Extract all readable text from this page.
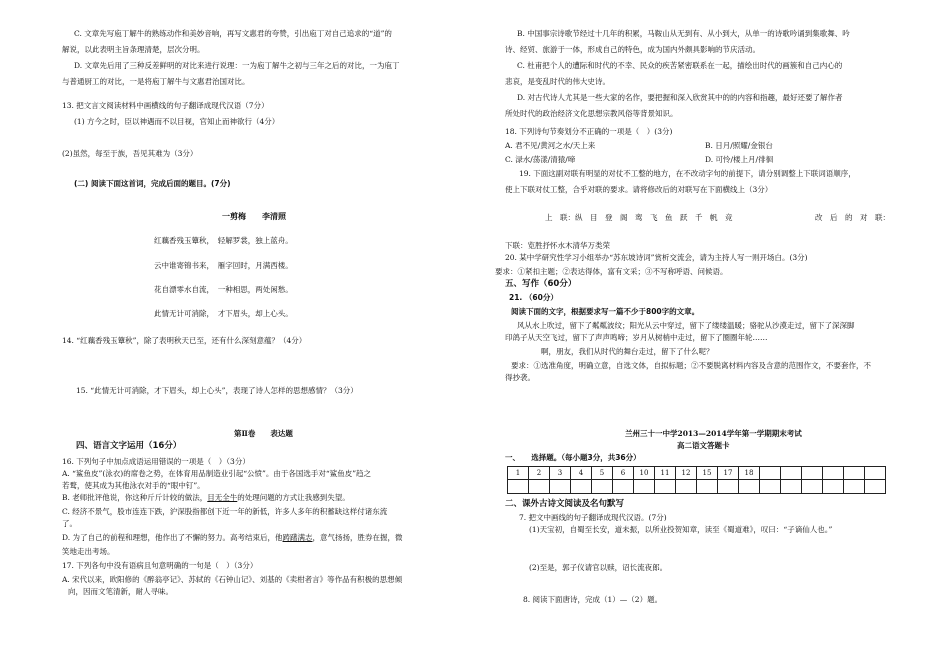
C. 文章先写庖丁解牛的熟练动作和美妙音响，再写文惠君的夸赞，引出庖丁对自己追求的“道”的
解说，以此表明主旨条理清楚，层次分明。
D. 文章先后用了三种反差鲜明的对比来进行说理：一为庖丁解牛之初与三年之后的对比，一为庖丁
与普通厨工的对比，一是将庖丁解牛与文惠君治国对比。
13. 把文言文阅读材料中画横线的句子翻译成现代汉语（7分）
(1) 方今之时，臣以神遇而不以目视，官知止而神欲行（4分）
(2)虽然，每至于族，吾见其难为（3分）
(二) 阅读下面这首词，完成后面的题目。(7分)
一剪梅　　李清照
红藕香残玉簟秋，　轻解罗裳，独上蓝舟。
云中谁寄锦书来，　雁字回时，月满西楼。
花自漂零水自流，　一种相思，两处闲愁。
此情无计可消除，　才下眉头，却上心头。
14. “红藕香残玉簟秋”，除了表明秋天已至，还有什么深刻意蕴？（4分）
15. “此情无计可消除，才下眉头，却上心头”，表现了诗人怎样的思想感情？（3分）
第Ⅱ卷　　表达题
四、语言文字运用（16分）
16. 下列句子中加点成语运用错误的一项是（　）（3分）
A. “鲨鱼皮”(泳衣)的席卷之势，在体育用品制造业引起“公愤”。由于各国选手对“鲨鱼皮”趋之
若鹜，使其成为其他泳衣对手的“眼中钉”。
B. 老师批评他说，你这种斤斤计较的做法，目无全牛的处理问题的方式让我感到失望。
C. 经济不景气，股市连连下跌，沪深股指都创下近一年的新低，许多人多年的积蓄缺这样付诸东流
了。
D. 为了自己的前程和理想，他作出了不懈的努力。高考结束后，他踌躇满志，意气扬扬，胜券在握，微
笑地走出考场。
17. 下列各句中没有语病且句意明确的一句是（　）（3分）
A. 宋代以来，欧阳修的《醉翁亭记》、苏轼的《石钟山记》、刘基的《卖柑者言》等作品有积极的思想倾
向，因而文笔清新，耐人寻味。
B. 中国事宗诗歌节经过十几年的积累，马鞍山从无到有、从小到大，从单一的诗歌吟诵到集歌舞、吟
诗、经贸、旅游于一体，形成自己的特色，成为国内外颇具影响的节庆活动。
C. 杜甫把个人的遭际和时代的不幸、民众的疾苦紧密联系在一起，描绘出时代的画簇和自己内心的
悲哀，是变乱时代的伟大史诗。
D. 对古代诗人尤其是一些大家的名作，要把握和深入欣赏其中的的内容和指趣，最好还要了解作者
所处时代的政治经济文化思想宗教风俗等背景知识。
18. 下列诗句节奏划分不正确的一项是（　）(3分)
A. 君不见/黄河之水/天上来	B. 日月/照耀/金银台
C. 渌水/荡漾/清猿/啼	D. 可怜/楼上月/徘徊
19. 下面这副对联有明显的对仗不工整的地方，在不改动字句的前提下，请分别调整上下联词语顺序，
使上下联对仗工整，合乎对联的要求。请将修改后的对联写在下面横线上（3分）
上　联：纵　目　登　阁　鸾　飞　鱼　跃　千　帆　竞	改　后　的　对　联：
下联：览胜抒怀水木清华万类荣
20. 某中学研究性学习小组举办“苏东坡诗词”赏析交流会，请为主持人写一则开场白。(3分)
要求：①紧扣主题；②表达得体，富有文采；③不写称呼语、问候语。
五、写作（60分）
21. （60分）
阅读下面的文字，根据要求写一篇不少于800字的文章。
风从水上吹过，留下了粼粼波纹；阳光从云中穿过，留下了缕缕温暖；骆驼从沙漠走过，留下了深深脚
印鸽子从天空飞过，留下了声声鸣啼；岁月从树梢中走过，留下了圈圈年轮……
啊，朋友，我们从时代的舞台走过，留下了什么呢？
要求：①选准角度，明确立意，自选文体，自拟标题；②不要脱离材料内容及含意的范围作文，不要套作，不
得抄袭。
兰州三十一中学2013—2014学年第一学期期末考试
高二语文答题卡
一、　　选择题。（每小题3分，共36分）
1	2	3	4	5	6	10	11	12	15	17	18						

二、课外古诗文阅读及名句默写
7. 把文中画线的句子翻译成现代汉语。(7分)
(1)天宝初，自蜀至长安，道未振，以所业投贺知章，读至《蜀道难》，叹曰：“子谪仙人也。”
(2)至是，郭子仪请官以赎，诏长流夜郎。
8. 阅读下面唐诗，完成（1）—（2）题。
